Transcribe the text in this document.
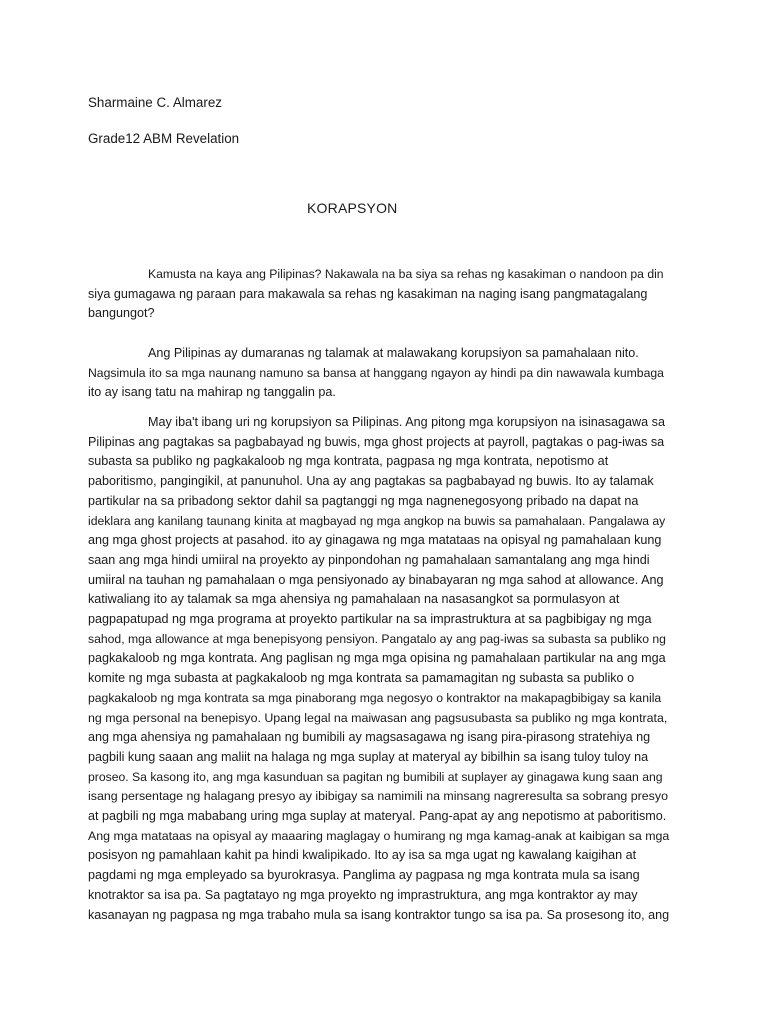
Sharmaine C. Almarez
Grade12 ABM Revelation
KORAPSYON

Kamusta na kaya ang Pilipinas? Nakawala na ba siya sa rehas ng kasakiman o nandoon pa din
siya gumagawa ng paraan para makawala sa rehas ng kasakiman na naging isang pangmatagalang
bangungot?

Ang Pilipinas ay dumaranas ng talamak at malawakang korupsiyon sa pamahalaan nito.
Nagsimula ito sa mga naunang namuno sa bansa at hanggang ngayon ay hindi pa din nawawala kumbaga
ito ay isang tatu na mahirap ng tanggalin pa.

May iba't ibang uri ng korupsiyon sa Pilipinas. Ang pitong mga korupsiyon na isinasagawa sa
Pilipinas ang pagtakas sa pagbabayad ng buwis, mga ghost projects at payroll, pagtakas o pag-iwas sa
subasta sa publiko ng pagkakaloob ng mga kontrata, pagpasa ng mga kontrata, nepotismo at
paboritismo, pangingikil, at panunuhol. Una ay ang pagtakas sa pagbabayad ng buwis. Ito ay talamak
partikular na sa pribadong sektor dahil sa pagtanggi ng mga nagnenegosyong pribado na dapat na
ideklara ang kanilang taunang kinita at magbayad ng mga angkop na buwis sa pamahalaan. Pangalawa ay
ang mga ghost projects at pasahod. ito ay ginagawa ng mga matataas na opisyal ng pamahalaan kung
saan ang mga hindi umiiral na proyekto ay pinpondohan ng pamahalaan samantalang ang mga hindi
umiiral na tauhan ng pamahalaan o mga pensiyonado ay binabayaran ng mga sahod at allowance. Ang
katiwaliang ito ay talamak sa mga ahensiya ng pamahalaan na nasasangkot sa pormulasyon at
pagpapatupad ng mga programa at proyekto partikular na sa imprastruktura at sa pagbibigay ng mga
sahod, mga allowance at mga benepisyong pensiyon. Pangatalo ay ang pag-iwas sa subasta sa publiko ng
pagkakaloob ng mga kontrata. Ang paglisan ng mga mga opisina ng pamahalaan partikular na ang mga
komite ng mga subasta at pagkakaloob ng mga kontrata sa pamamagitan ng subasta sa publiko o
pagkakaloob ng mga kontrata sa mga pinaborang mga negosyo o kontraktor na makapagbibigay sa kanila
ng mga personal na benepisyo. Upang legal na maiwasan ang pagsusubasta sa publiko ng mga kontrata,
ang mga ahensiya ng pamahalaan ng bumibili ay magsasagawa ng isang pira-pirasong stratehiya ng
pagbili kung saaan ang maliit na halaga ng mga suplay at materyal ay bibilhin sa isang tuloy tuloy na
proseo. Sa kasong ito, ang mga kasunduan sa pagitan ng bumibili at suplayer ay ginagawa kung saan ang
isang persentage ng halagang presyo ay ibibigay sa namimili na minsang nagreresulta sa sobrang presyo
at pagbili ng mga mababang uring mga suplay at materyal. Pang-apat ay ang nepotismo at paboritismo.
Ang mga matataas na opisyal ay maaaring maglagay o humirang ng mga kamag-anak at kaibigan sa mga
posisyon ng pamahlaan kahit pa hindi kwalipikado. Ito ay isa sa mga ugat ng kawalang kaigihan at
pagdami ng mga empleyado sa byurokrasya. Panglima ay pagpasa ng mga kontrata mula sa isang
knotraktor sa isa pa. Sa pagtatayo ng mga proyekto ng imprastruktura, ang mga kontraktor ay may
kasanayan ng pagpasa ng mga trabaho mula sa isang kontraktor tungo sa isa pa. Sa prosesong ito, ang
